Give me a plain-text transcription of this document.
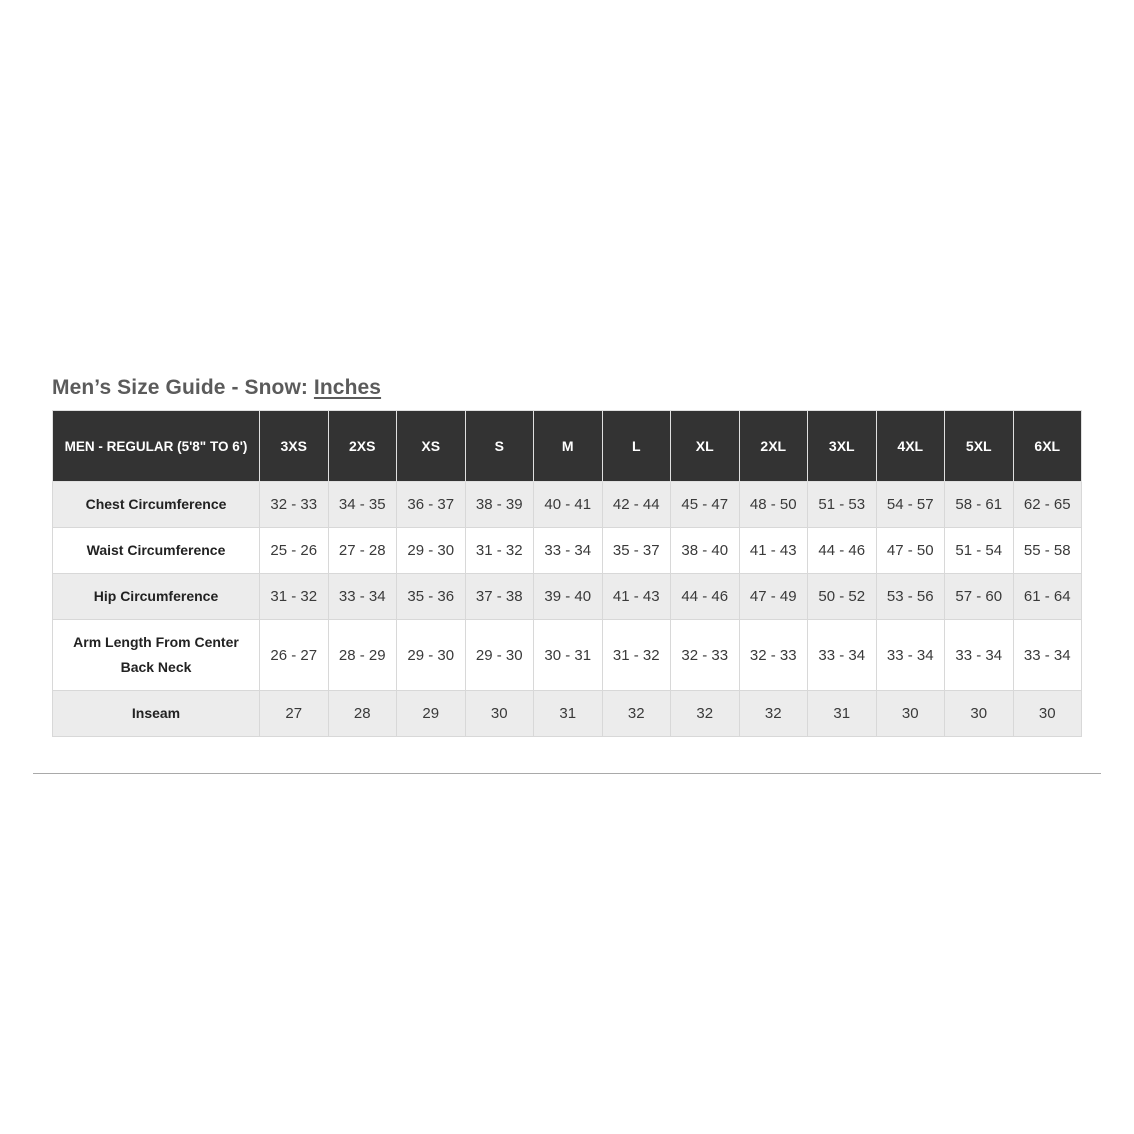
Men’s Size Guide - Snow: Inches
MEN - REGULAR (5'8" TO 6')	3XS	2XS	XS	S	M	L	XL	2XL	3XL	4XL	5XL	6XL
Chest Circumference	32 - 33	34 - 35	36 - 37	38 - 39	40 - 41	42 - 44	45 - 47	48 - 50	51 - 53	54 - 57	58 - 61	62 - 65
Waist Circumference	25 - 26	27 - 28	29 - 30	31 - 32	33 - 34	35 - 37	38 - 40	41 - 43	44 - 46	47 - 50	51 - 54	55 - 58
Hip Circumference	31 - 32	33 - 34	35 - 36	37 - 38	39 - 40	41 - 43	44 - 46	47 - 49	50 - 52	53 - 56	57 - 60	61 - 64
Arm Length From Center Back Neck	26 - 27	28 - 29	29 - 30	29 - 30	30 - 31	31 - 32	32 - 33	32 - 33	33 - 34	33 - 34	33 - 34	33 - 34
Inseam	27	28	29	30	31	32	32	32	31	30	30	30
